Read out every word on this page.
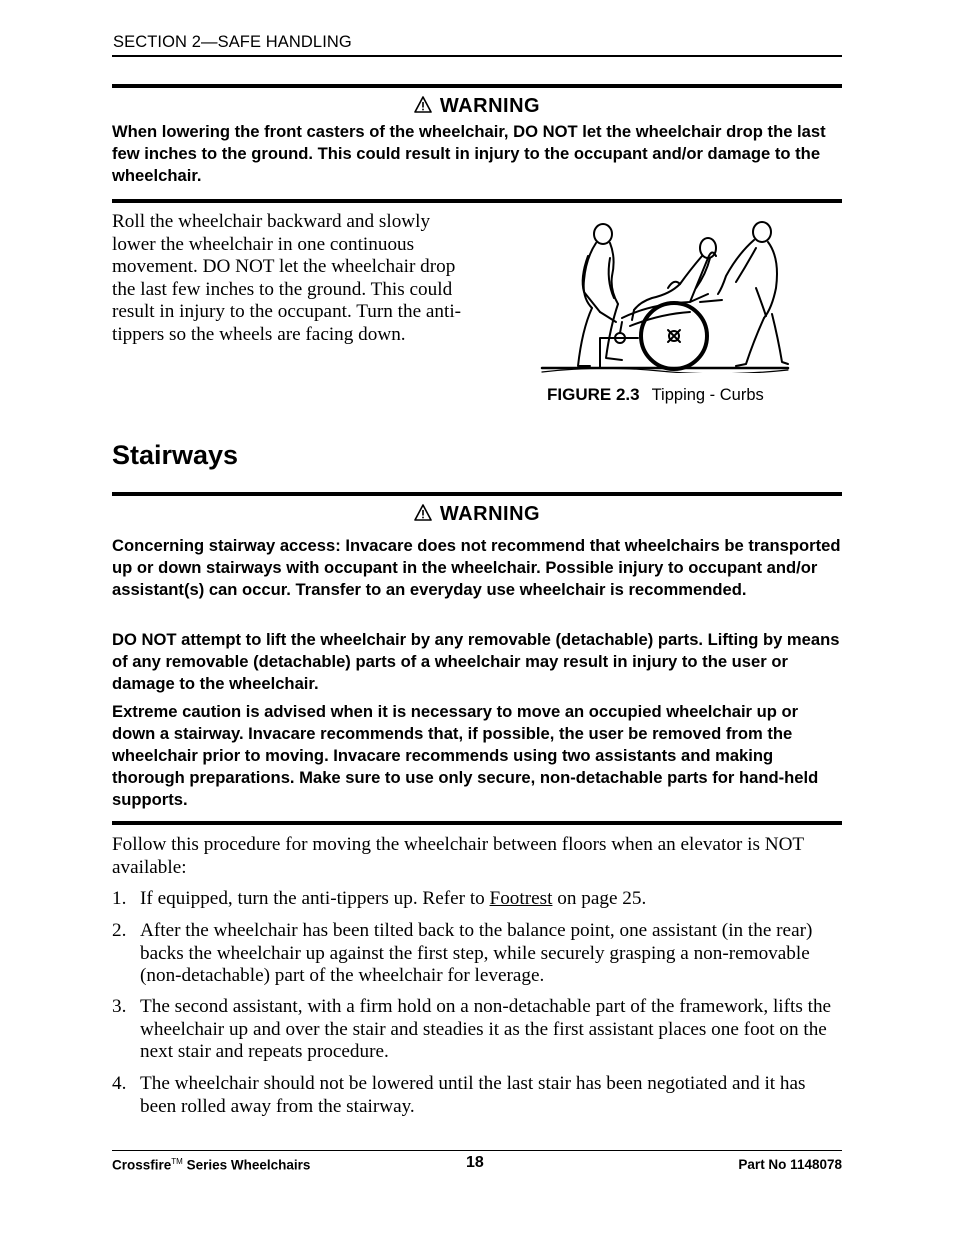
SECTION 2—SAFE HANDLING
WARNING
When lowering the front casters of the wheelchair, DO NOT let the wheelchair drop the last few inches to the ground. This could result in injury to the occupant and/or damage to the wheelchair.
Roll the wheelchair backward and slowly lower the wheelchair in one continuous movement. DO NOT let the wheelchair drop the last few inches to the ground. This could result in injury to the occupant. Turn the anti-tippers so the wheels are facing down.
FIGURE 2.3 Tipping - Curbs
Stairways
WARNING
Concerning stairway access: Invacare does not recommend that wheelchairs be transported up or down stairways with occupant in the wheelchair. Possible injury to occupant and/or assistant(s) can occur. Transfer to an everyday use wheelchair is recommended.
DO NOT attempt to lift the wheelchair by any removable (detachable) parts. Lifting by means of any removable (detachable) parts of a wheelchair may result in injury to the user or damage to the wheelchair.
Extreme caution is advised when it is necessary to move an occupied wheelchair up or down a stairway. Invacare recommends that, if possible, the user be removed from the wheelchair prior to moving. Invacare recommends using two assistants and making thorough preparations. Make sure to use only secure, non-detachable parts for hand-held supports.
Follow this procedure for moving the wheelchair between floors when an elevator is NOT available:
1. If equipped, turn the anti-tippers up. Refer to Footrest on page 25.
2. After the wheelchair has been tilted back to the balance point, one assistant (in the rear) backs the wheelchair up against the first step, while securely grasping a non-removable (non-detachable) part of the wheelchair for leverage.
3. The second assistant, with a firm hold on a non-detachable part of the framework, lifts the wheelchair up and over the stair and steadies it as the first assistant places one foot on the next stair and repeats procedure.
4. The wheelchair should not be lowered until the last stair has been negotiated and it has been rolled away from the stairway.
Crossfire™ Series Wheelchairs	18	Part No 1148078
